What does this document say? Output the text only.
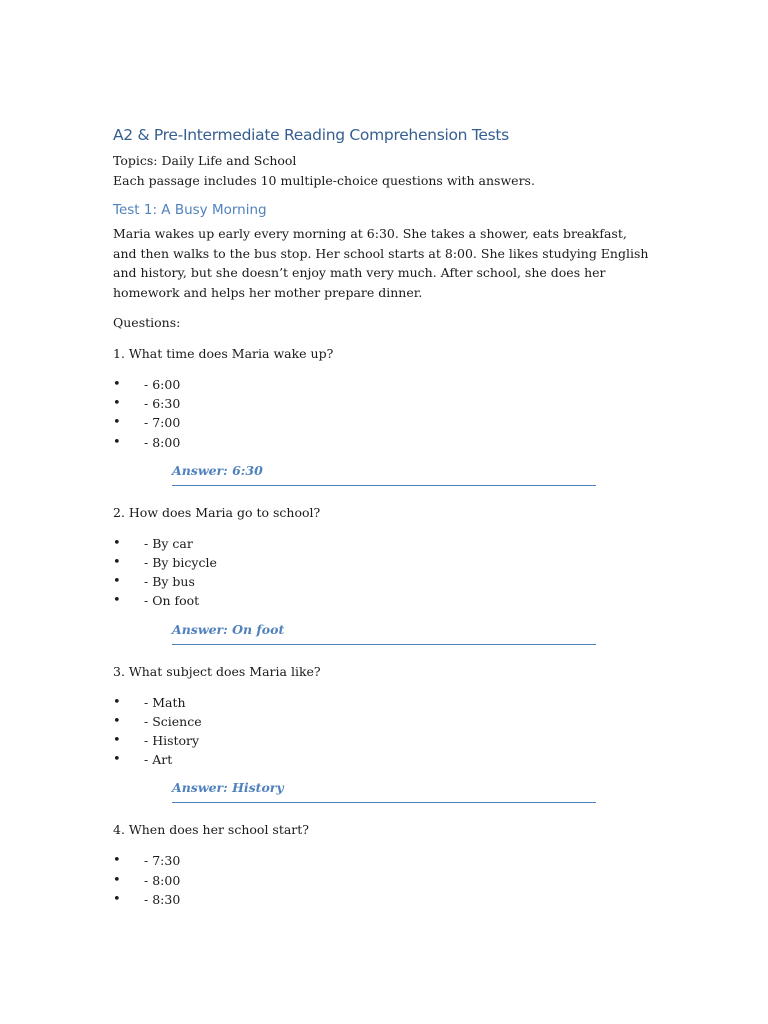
A2 & Pre-Intermediate Reading Comprehension Tests

Topics: Daily Life and School

Each passage includes 10 multiple-choice questions with answers.

Test 1: A Busy Morning

Maria wakes up early every morning at 6:30. She takes a shower, eats breakfast, and then walks to the bus stop. Her school starts at 8:00. She likes studying English and history, but she doesn’t enjoy math very much. After school, she does her homework and helps her mother prepare dinner.

Questions:

1. What time does Maria wake up?

• - 6:00
• - 6:30
• - 7:00
• - 8:00
Answer: 6:30

2. How does Maria go to school?

• - By car
• - By bicycle
• - By bus
• - On foot
Answer: On foot

3. What subject does Maria like?

• - Math
• - Science
• - History
• - Art
Answer: History

4. When does her school start?

• - 7:30
• - 8:00
• - 8:30
